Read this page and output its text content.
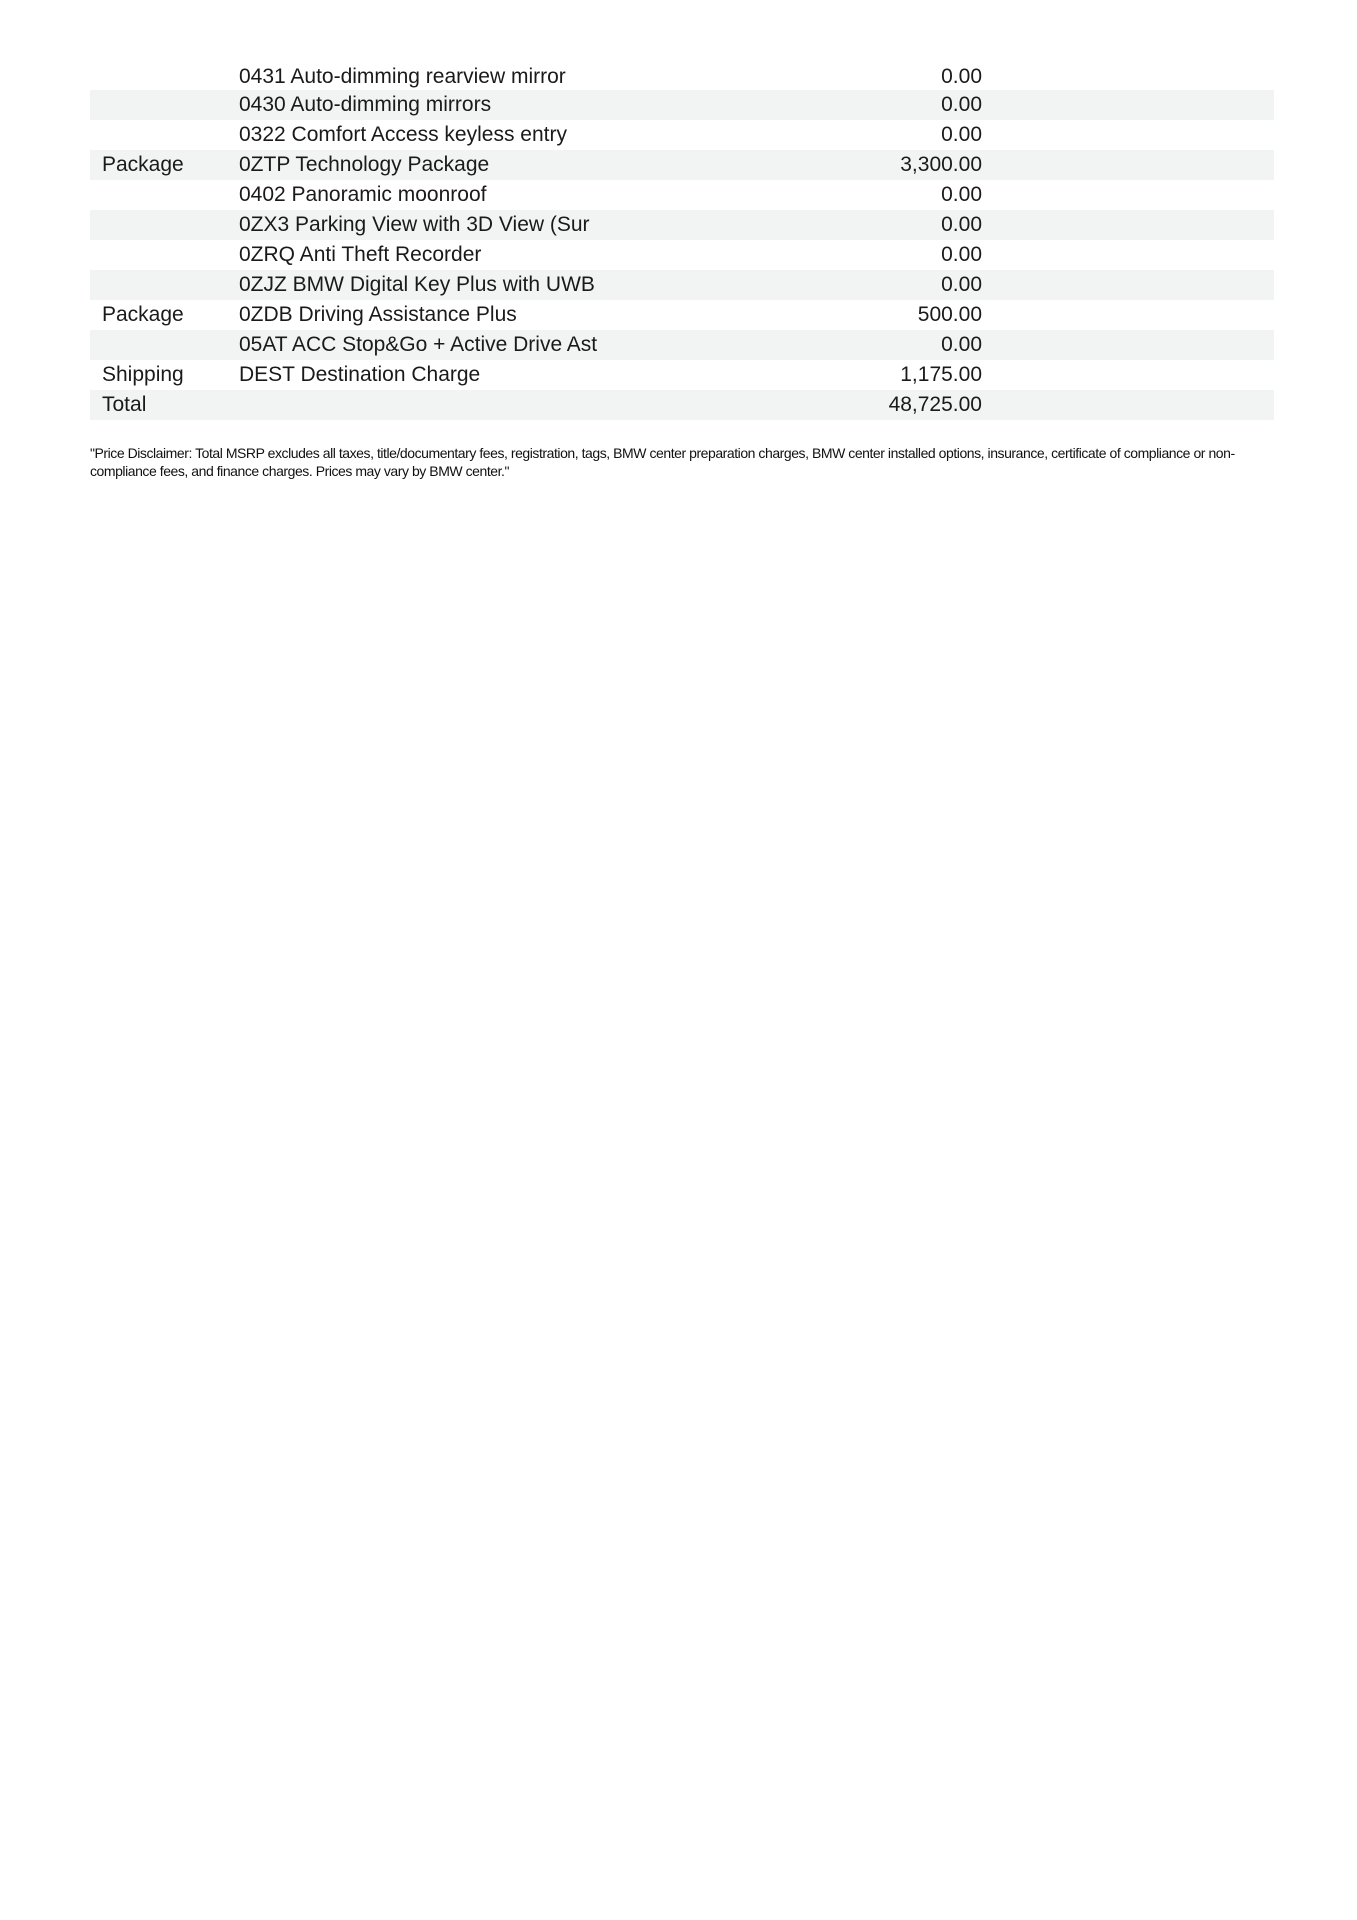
0431 Auto-dimming rearview mirror	0.00
0430 Auto-dimming mirrors	0.00
0322 Comfort Access keyless entry	0.00
Package	0ZTP Technology Package	3,300.00
0402 Panoramic moonroof	0.00
0ZX3 Parking View with 3D View (Sur	0.00
0ZRQ Anti Theft Recorder	0.00
0ZJZ BMW Digital Key Plus with UWB	0.00
Package	0ZDB Driving Assistance Plus	500.00
05AT ACC Stop&Go + Active Drive Ast	0.00
Shipping	DEST Destination Charge	1,175.00
Total	48,725.00
"Price Disclaimer: Total MSRP excludes all taxes, title/documentary fees, registration, tags, BMW center preparation charges, BMW center installed options, insurance, certificate of compliance or non-compliance fees, and finance charges. Prices may vary by BMW center."
